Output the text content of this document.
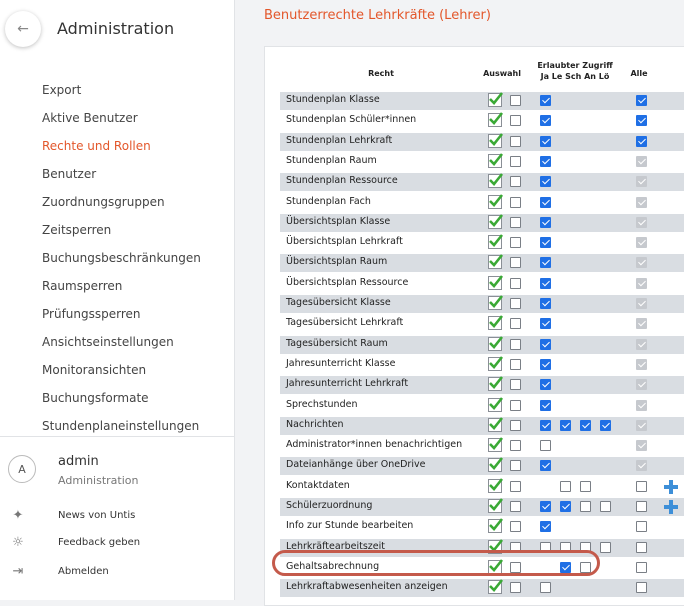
← Administration
Export
Aktive Benutzer
Rechte und Rollen
Benutzer
Zuordnungsgruppen
Zeitsperren
Buchungsbeschränkungen
Raumsperren
Prüfungssperren
Ansichtseinstellungen
Monitoransichten
Buchungsformate
Stundenplaneinstellungen
A	admin
Administration
✦	News von Untis
☼	Feedback geben
⇥	Abmelden
Benutzerrechte Lehrkräfte (Lehrer)
Recht	Auswahl
Erlaubter Zugriff
Ja Le Sch An Lö	Alle
Stundenplan Klasse
Stundenplan Schüler*innen
Stundenplan Lehrkraft
Stundenplan Raum
Stundenplan Ressource
Stundenplan Fach
Übersichtsplan Klasse
Übersichtsplan Lehrkraft
Übersichtsplan Raum
Übersichtsplan Ressource
Tagesübersicht Klasse
Tagesübersicht Lehrkraft
Tagesübersicht Raum
Jahresunterricht Klasse
Jahresunterricht Lehrkraft
Sprechstunden
Nachrichten
Administrator*innen benachrichtigen
Dateianhänge über OneDrive
Kontaktdaten
Schülerzuordnung
Info zur Stunde bearbeiten
Lehrkräftearbeitszeit
Gehaltsabrechnung
Lehrkraftabwesenheiten anzeigen
